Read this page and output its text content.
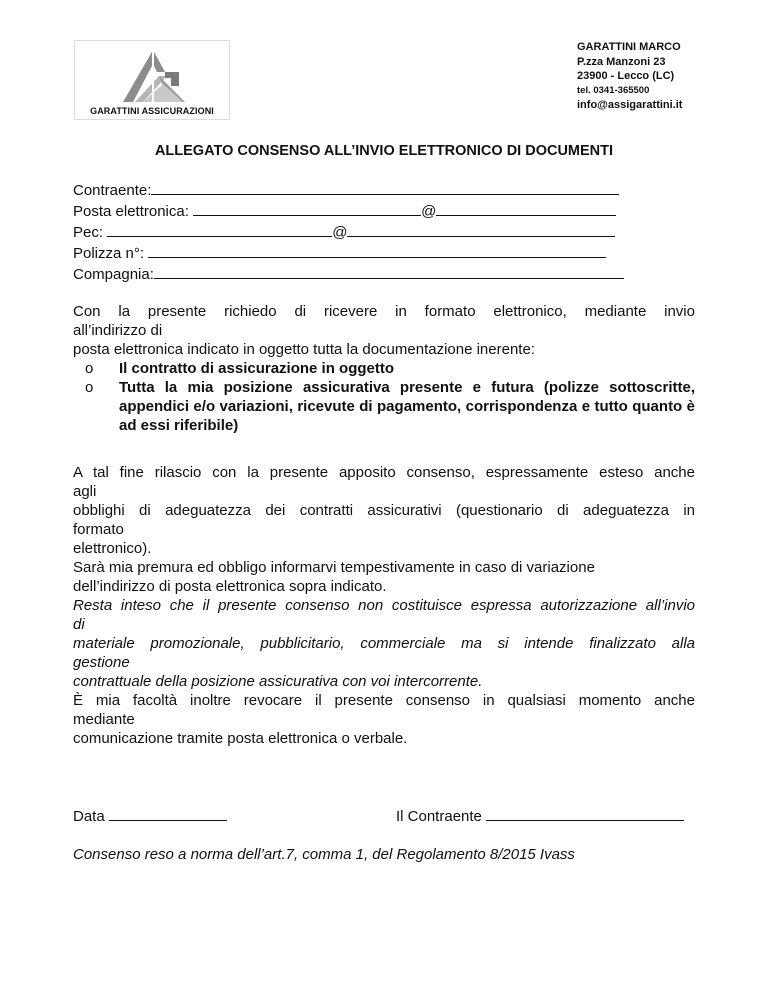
GARATTINI ASSICURAZIONI
GARATTINI MARCO
P.zza Manzoni 23
23900 - Lecco (LC)
tel. 0341-365500
info@assigarattini.it
ALLEGATO CONSENSO ALL’INVIO ELETTRONICO DI DOCUMENTI
Contraente:
Posta elettronica:	@
Pec:	@
Polizza n°:
Compagnia:

Con la presente richiedo di ricevere in formato elettronico, mediante invio

all’indirizzo di

posta elettronica indicato in oggetto tutta la documentazione inerente:

o Il contratto di assicurazione in oggetto
o Tutta la mia posizione assicurativa presente e futura (polizze sottoscritte, appendici e/o variazioni, ricevute di pagamento, corrispondenza e tutto quanto è ad essi riferibile)

A tal fine rilascio con la presente apposito consenso, espressamente esteso anche

agli

obblighi di adeguatezza dei contratti assicurativi (questionario di adeguatezza in

formato

elettronico).

Sarà mia premura ed obbligo informarvi tempestivamente in caso di variazione

dell’indirizzo di posta elettronica sopra indicato.

Resta inteso che il presente consenso non costituisce espressa autorizzazione all’invio

di

materiale promozionale, pubblicitario, commerciale ma si intende finalizzato alla

gestione

contrattuale della posizione assicurativa con voi intercorrente.

È mia facoltà inoltre revocare il presente consenso in qualsiasi momento anche

mediante

comunicazione tramite posta elettronica o verbale.

Data	Il Contraente
Consenso reso a norma dell’art.7, comma 1, del Regolamento 8/2015 Ivass
